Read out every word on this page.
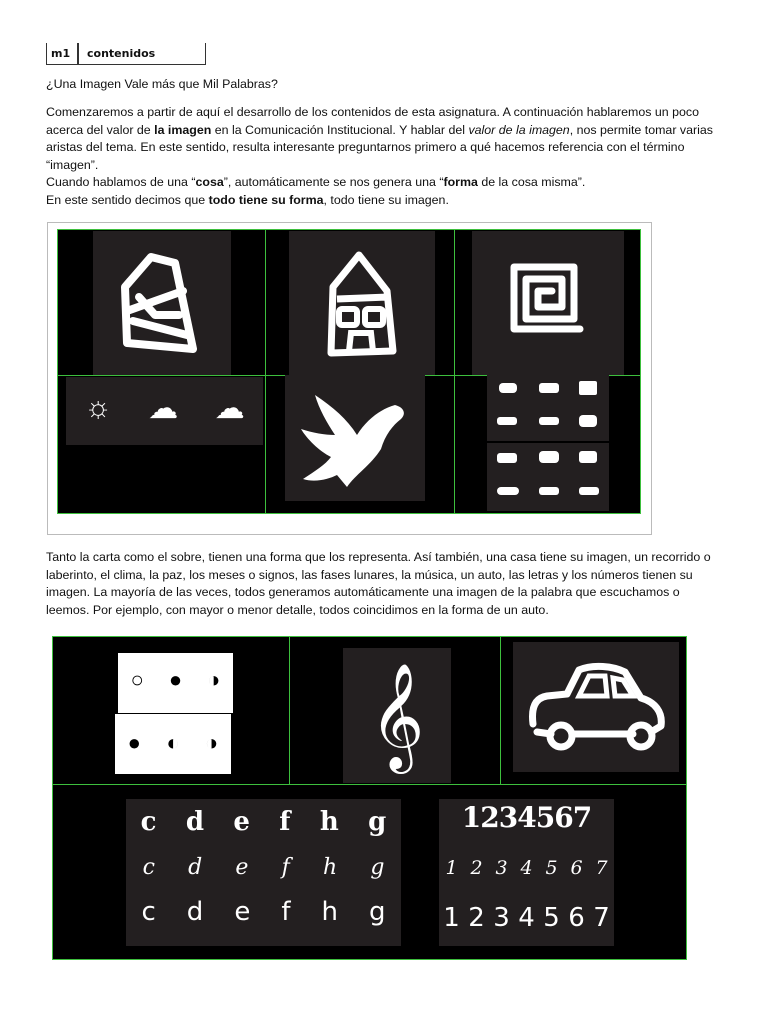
m1	contenidos
¿Una Imagen Vale más que Mil Palabras?
Comenzaremos a partir de aquí el desarrollo de los contenidos de esta asignatura. A continuación hablaremos un poco acerca del valor de la imagen en la Comunicación Institucional. Y hablar del valor de la imagen, nos permite tomar varias aristas del tema. En este sentido, resulta interesante preguntarnos primero a qué hacemos referencia con el término “imagen”.
Cuando hablamos de una “cosa”, automáticamente se nos genera una “forma de la cosa misma”.
En este sentido decimos que todo tiene su forma, todo tiene su imagen.
☼ ☁ ☁
Tanto la carta como el sobre, tienen una forma que los representa. Así también, una casa tiene su imagen, un recorrido o laberinto, el clima, la paz, los meses o signos, las fases lunares, la música, un auto, las letras y los números tienen su imagen. La mayoría de las veces, todos generamos automáticamente una imagen de la palabra que escuchamos o leemos. Por ejemplo, con mayor o menor detalle, todos coincidimos en la forma de un auto.
○ ● ◑
● ◐ ◑ 𝄞
c d e f h g
c d e f h g
c d e f h g
1234567
1 2 3 4 5 6 7
1 2 3 4 5 6 7
